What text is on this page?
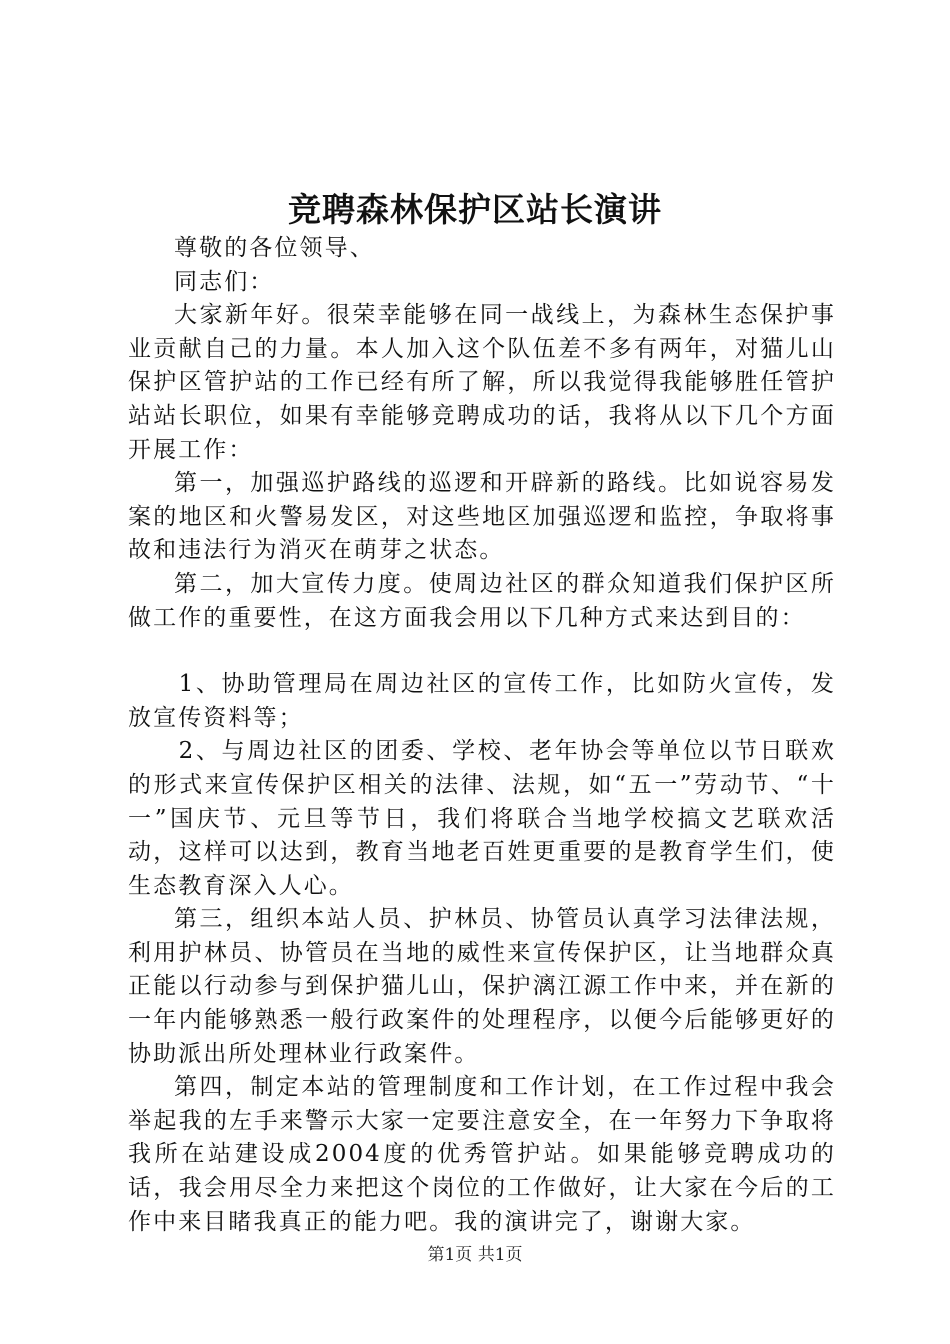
竞聘森林保护区站长演讲

尊敬的各位领导、

同志们：

大家新年好。很荣幸能够在同一战线上，为森林生态保护事业贡献自己的力量。本人加入这个队伍差不多有两年，对猫儿山保护区管护站的工作已经有所了解，所以我觉得我能够胜任管护站站长职位，如果有幸能够竞聘成功的话，我将从以下几个方面开展工作：

第一，加强巡护路线的巡逻和开辟新的路线。比如说容易发案的地区和火警易发区，对这些地区加强巡逻和监控，争取将事故和违法行为消灭在萌芽之状态。

第二，加大宣传力度。使周边社区的群众知道我们保护区所做工作的重要性，在这方面我会用以下几种方式来达到目的：

1、协助管理局在周边社区的宣传工作，比如防火宣传，发放宣传资料等；

2、与周边社区的团委、学校、老年协会等单位以节日联欢的形式来宣传保护区相关的法律、法规，如“五一”劳动节、“十一”国庆节、元旦等节日，我们将联合当地学校搞文艺联欢活动，这样可以达到，教育当地老百姓更重要的是教育学生们，使生态教育深入人心。

第三，组织本站人员、护林员、协管员认真学习法律法规，利用护林员、协管员在当地的威性来宣传保护区，让当地群众真正能以行动参与到保护猫儿山，保护漓江源工作中来，并在新的一年内能够熟悉一般行政案件的处理程序，以便今后能够更好的协助派出所处理林业行政案件。

第四，制定本站的管理制度和工作计划，在工作过程中我会举起我的左手来警示大家一定要注意安全，在一年努力下争取将我所在站建设成2004度的优秀管护站。如果能够竞聘成功的话，我会用尽全力来把这个岗位的工作做好，让大家在今后的工作中来目睹我真正的能力吧。我的演讲完了，谢谢大家。

第1页 共1页
